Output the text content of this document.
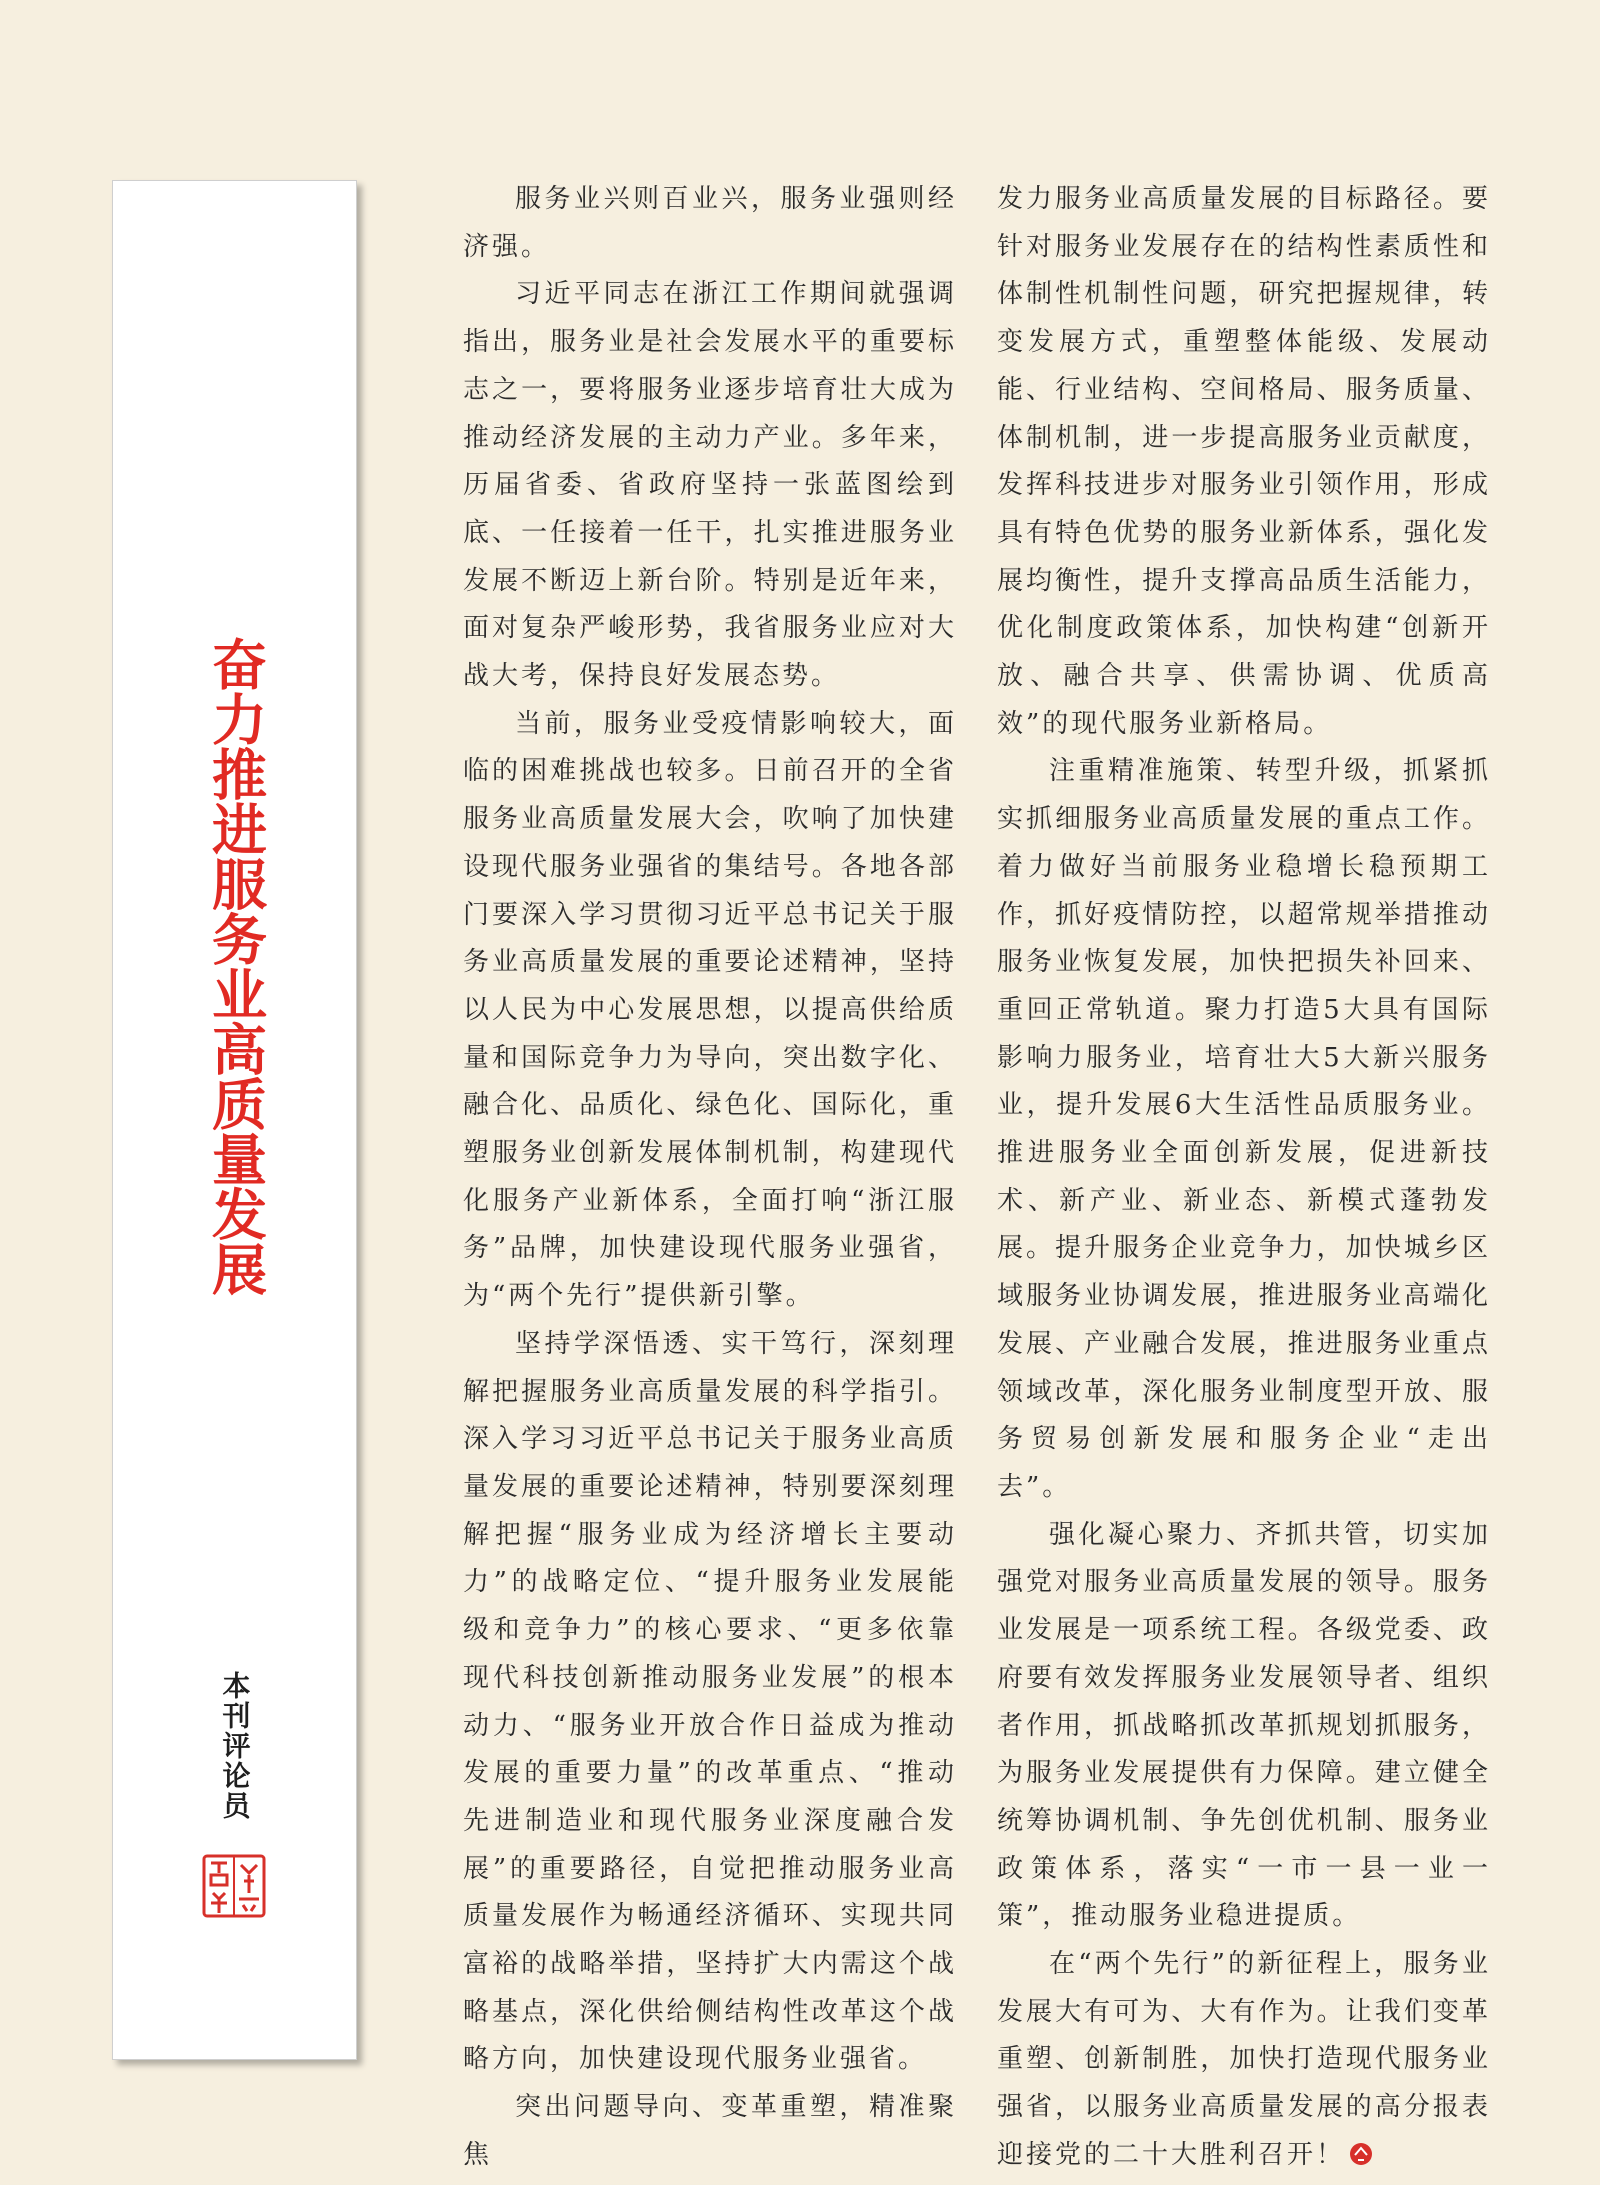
奋力推进服务业高质量发展
本刊评论员

服务业兴则百业兴，服务业强则经济强。

习近平同志在浙江工作期间就强调指出，服务业是社会发展水平的重要标志之一，要将服务业逐步培育壮大成为推动经济发展的主动力产业。多年来，历届省委、省政府坚持一张蓝图绘到底、一任接着一任干，扎实推进服务业发展不断迈上新台阶。特别是近年来，面对复杂严峻形势，我省服务业应对大战大考，保持良好发展态势。

当前，服务业受疫情影响较大，面临的困难挑战也较多。日前召开的全省服务业高质量发展大会，吹响了加快建设现代服务业强省的集结号。各地各部门要深入学习贯彻习近平总书记关于服务业高质量发展的重要论述精神，坚持以人民为中心发展思想，以提高供给质量和国际竞争力为导向，突出数字化、融合化、品质化、绿色化、国际化，重塑服务业创新发展体制机制，构建现代化服务产业新体系，全面打响“浙江服务”品牌，加快建设现代服务业强省，为“两个先行”提供新引擎。

坚持学深悟透、实干笃行，深刻理解把握服务业高质量发展的科学指引。深入学习习近平总书记关于服务业高质量发展的重要论述精神，特别要深刻理解把握“服务业成为经济增长主要动力”的战略定位、“提升服务业发展能级和竞争力”的核心要求、“更多依靠现代科技创新推动服务业发展”的根本动力、“服务业开放合作日益成为推动发展的重要力量”的改革重点、“推动先进制造业和现代服务业深度融合发展”的重要路径，自觉把推动服务业高质量发展作为畅通经济循环、实现共同富裕的战略举措，坚持扩大内需这个战略基点，深化供给侧结构性改革这个战略方向，加快建设现代服务业强省。

突出问题导向、变革重塑，精准聚焦

发力服务业高质量发展的目标路径。要针对服务业发展存在的结构性素质性和体制性机制性问题，研究把握规律，转变发展方式，重塑整体能级、发展动能、行业结构、空间格局、服务质量、体制机制，进一步提高服务业贡献度，发挥科技进步对服务业引领作用，形成具有特色优势的服务业新体系，强化发展均衡性，提升支撑高品质生活能力，优化制度政策体系，加快构建“创新开放、融合共享、供需协调、优质高效”的现代服务业新格局。

注重精准施策、转型升级，抓紧抓实抓细服务业高质量发展的重点工作。着力做好当前服务业稳增长稳预期工作，抓好疫情防控，以超常规举措推动服务业恢复发展，加快把损失补回来、重回正常轨道。聚力打造5大具有国际影响力服务业，培育壮大5大新兴服务业，提升发展6大生活性品质服务业。推进服务业全面创新发展，促进新技术、新产业、新业态、新模式蓬勃发展。提升服务企业竞争力，加快城乡区域服务业协调发展，推进服务业高端化发展、产业融合发展，推进服务业重点领域改革，深化服务业制度型开放、服务贸易创新发展和服务企业“走出去”。

强化凝心聚力、齐抓共管，切实加强党对服务业高质量发展的领导。服务业发展是一项系统工程。各级党委、政府要有效发挥服务业发展领导者、组织者作用，抓战略抓改革抓规划抓服务，为服务业发展提供有力保障。建立健全统筹协调机制、争先创优机制、服务业政策体系，落实“一市一县一业一策”，推动服务业稳进提质。

在“两个先行”的新征程上，服务业发展大有可为、大有作为。让我们变革重塑、创新制胜，加快打造现代服务业强省，以服务业高质量发展的高分报表迎接党的二十大胜利召开！
